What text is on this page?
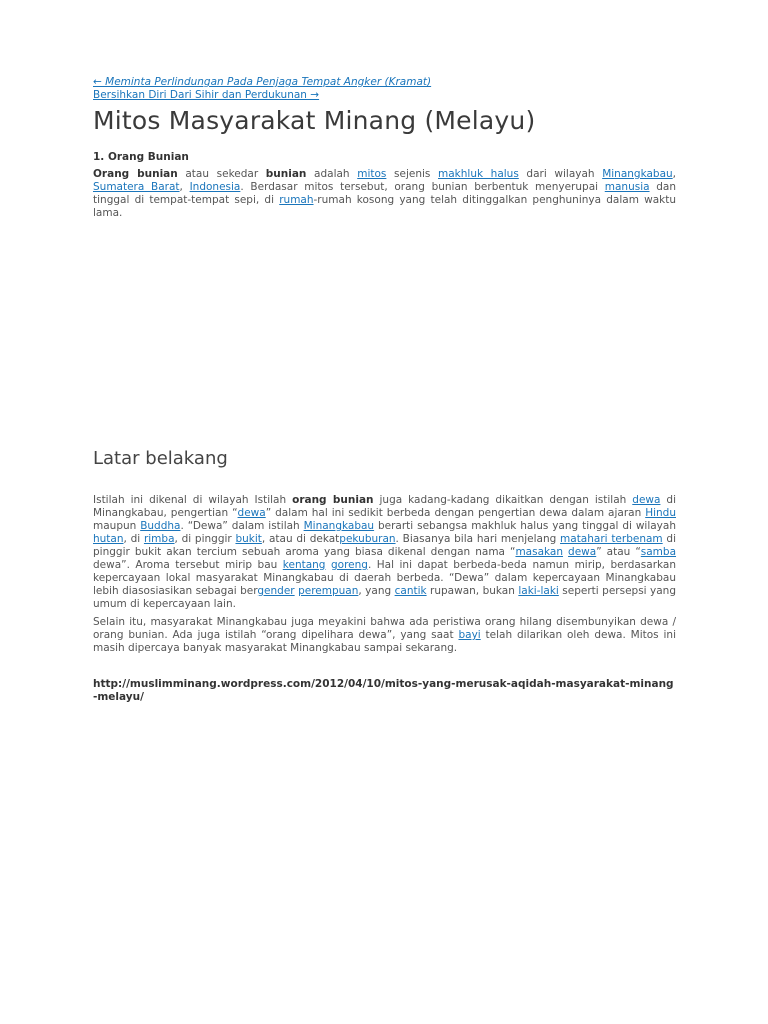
← Meminta Perlindungan Pada Penjaga Tempat Angker (Kramat)
Bersihkan Diri Dari Sihir dan Perdukunan →
Mitos Masyarakat Minang (Melayu)
1. Orang Bunian

Orang bunian atau sekedar bunian adalah mitos sejenis makhluk halus dari wilayah Minangkabau, Sumatera Barat, Indonesia. Berdasar mitos tersebut, orang bunian berbentuk menyerupai manusia dan tinggal di tempat-tempat sepi, di rumah-rumah kosong yang telah ditinggalkan penghuninya dalam waktu lama.

Latar belakang

Istilah ini dikenal di wilayah Istilah orang bunian juga kadang-kadang dikaitkan dengan istilah dewa di Minangkabau, pengertian “dewa” dalam hal ini sedikit berbeda dengan pengertian dewa dalam ajaran Hindu maupun Buddha. “Dewa” dalam istilah Minangkabau berarti sebangsa makhluk halus yang tinggal di wilayah hutan, di rimba, di pinggir bukit, atau di dekatpekuburan. Biasanya bila hari menjelang matahari terbenam di pinggir bukit akan tercium sebuah aroma yang biasa dikenal dengan nama “masakan dewa” atau “samba dewa”. Aroma tersebut mirip bau kentang goreng. Hal ini dapat berbeda-beda namun mirip, berdasarkan kepercayaan lokal masyarakat Minangkabau di daerah berbeda. “Dewa” dalam kepercayaan Minangkabau lebih diasosiasikan sebagai bergender perempuan, yang cantik rupawan, bukan laki-laki seperti persepsi yang umum di kepercayaan lain.

Selain itu, masyarakat Minangkabau juga meyakini bahwa ada peristiwa orang hilang disembunyikan dewa / orang bunian. Ada juga istilah “orang dipelihara dewa”, yang saat bayi telah dilarikan oleh dewa. Mitos ini masih dipercaya banyak masyarakat Minangkabau sampai sekarang.

http://muslimminang.wordpress.com/2012/04/10/mitos-yang-merusak-aqidah-masyarakat-minang-melayu/
